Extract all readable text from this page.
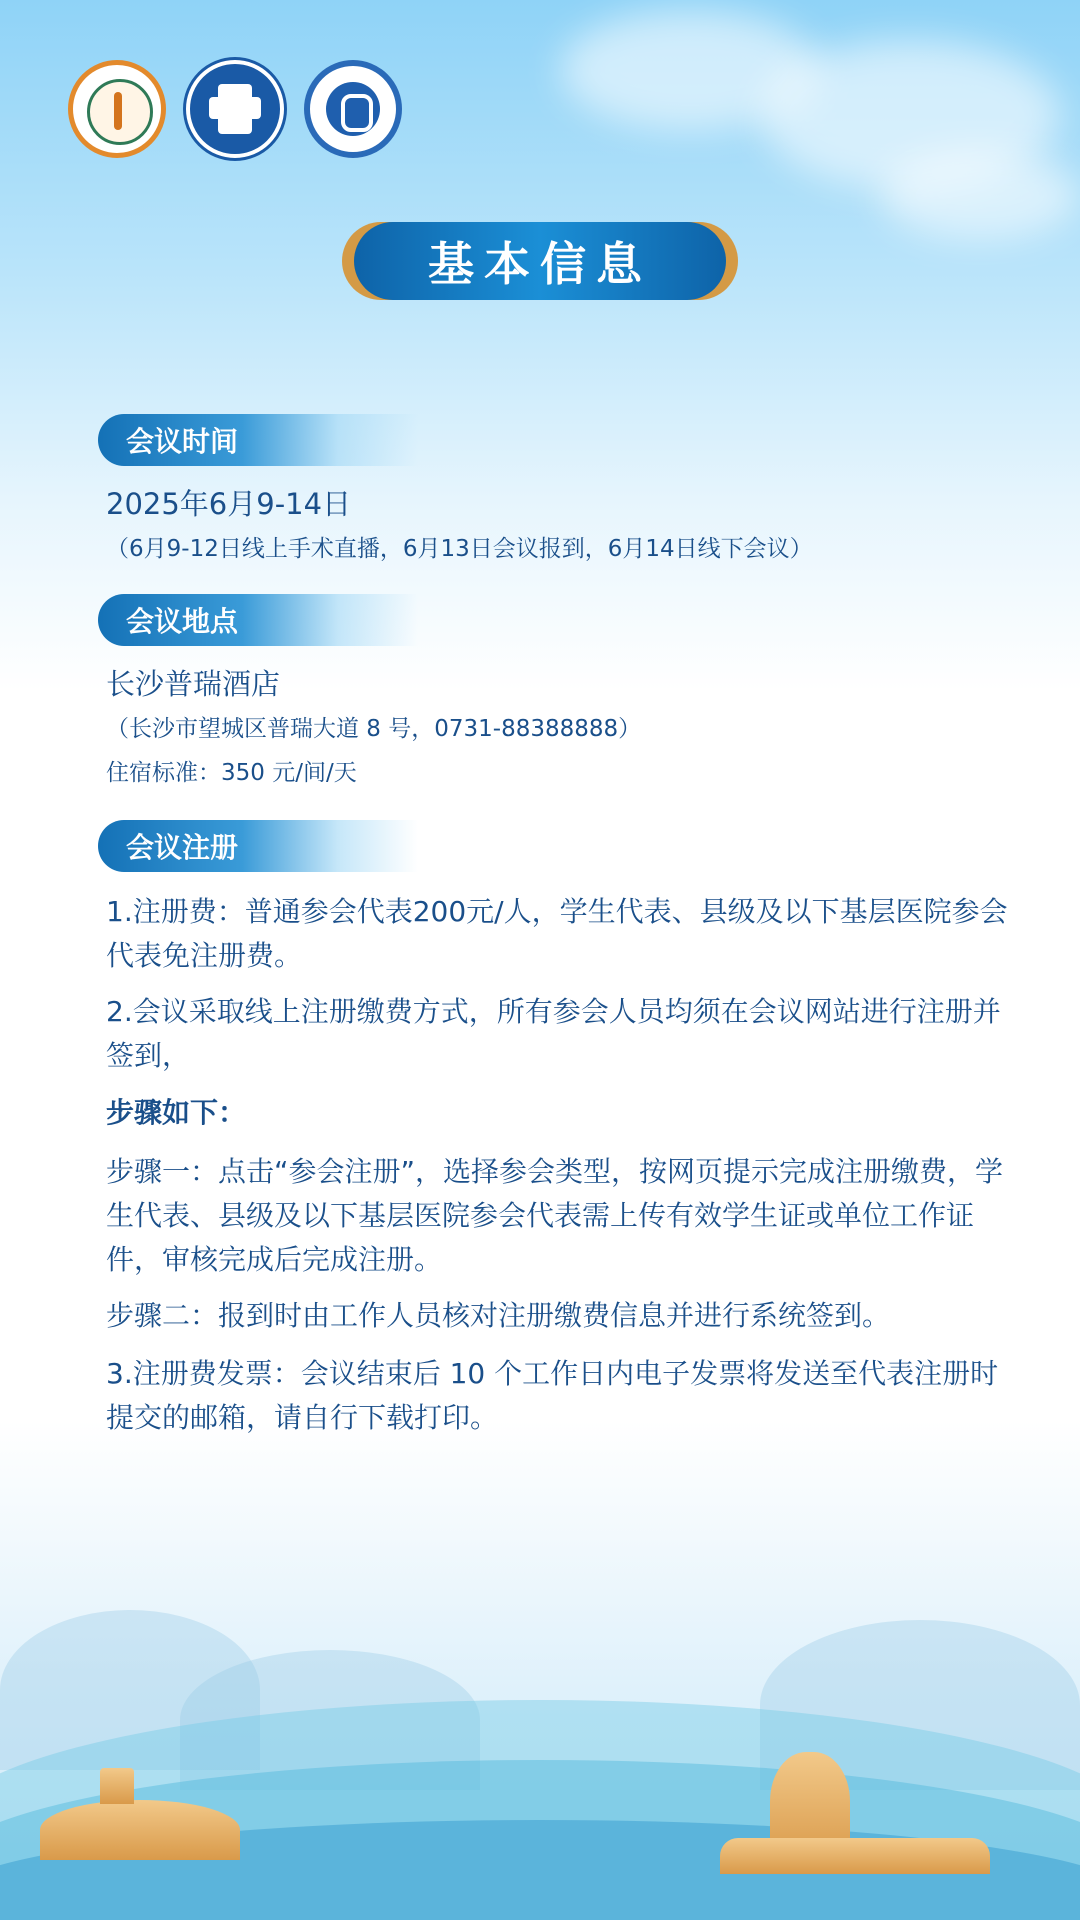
基本信息
会议时间
2025年6月9-14日
（6月9-12日线上手术直播，6月13日会议报到，6月14日线下会议）
会议地点
长沙普瑞酒店
（长沙市望城区普瑞大道 8 号，0731-88388888）
住宿标准：350 元/间/天
会议注册
1.注册费：普通参会代表200元/人，学生代表、县级及以下基层医院参会代表免注册费。
2.会议采取线上注册缴费方式，所有参会人员均须在会议网站进行注册并签到，
步骤如下：
步骤一：点击“参会注册”，选择参会类型，按网页提示完成注册缴费，学生代表、县级及以下基层医院参会代表需上传有效学生证或单位工作证件，审核完成后完成注册。
步骤二：报到时由工作人员核对注册缴费信息并进行系统签到。
3.注册费发票：会议结束后 10 个工作日内电子发票将发送至代表注册时提交的邮箱，请自行下载打印。
